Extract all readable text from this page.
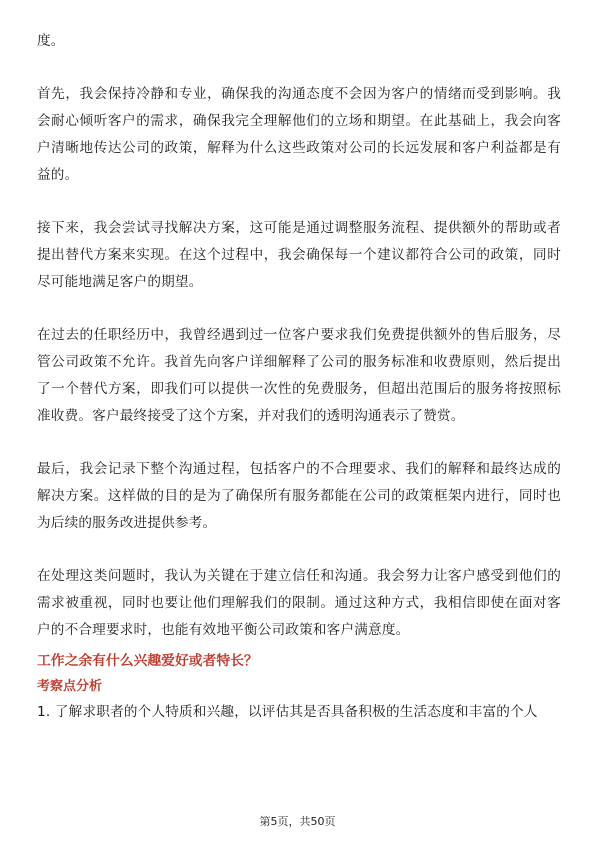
度。

首先，我会保持冷静和专业，确保我的沟通态度不会因为客户的情绪而受到影响。我会耐心倾听客户的需求，确保我完全理解他们的立场和期望。在此基础上，我会向客户清晰地传达公司的政策，解释为什么这些政策对公司的长远发展和客户利益都是有益的。

接下来，我会尝试寻找解决方案，这可能是通过调整服务流程、提供额外的帮助或者提出替代方案来实现。在这个过程中，我会确保每一个建议都符合公司的政策，同时尽可能地满足客户的期望。

在过去的任职经历中，我曾经遇到过一位客户要求我们免费提供额外的售后服务，尽管公司政策不允许。我首先向客户详细解释了公司的服务标准和收费原则，然后提出了一个替代方案，即我们可以提供一次性的免费服务，但超出范围后的服务将按照标准收费。客户最终接受了这个方案，并对我们的透明沟通表示了赞赏。

最后，我会记录下整个沟通过程，包括客户的不合理要求、我们的解释和最终达成的解决方案。这样做的目的是为了确保所有服务都能在公司的政策框架内进行，同时也为后续的服务改进提供参考。

在处理这类问题时，我认为关键在于建立信任和沟通。我会努力让客户感受到他们的需求被重视，同时也要让他们理解我们的限制。通过这种方式，我相信即使在面对客户的不合理要求时，也能有效地平衡公司政策和客户满意度。

工作之余有什么兴趣爱好或者特长？

考察点分析

1. 了解求职者的个人特质和兴趣，以评估其是否具备积极的生活态度和丰富的个人

第5页，共50页
